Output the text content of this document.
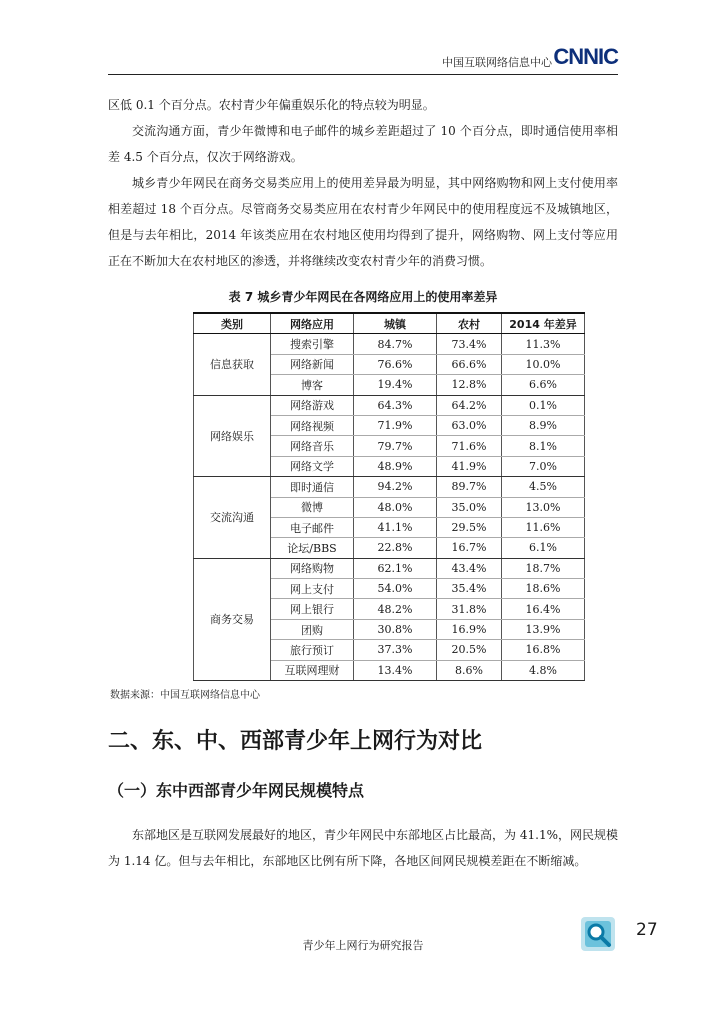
中国互联网络信息中心 CNNIC

区低 0.1 个百分点。农村青少年偏重娱乐化的特点较为明显。

交流沟通方面，青少年微博和电子邮件的城乡差距超过了 10 个百分点，即时通信使用率相差 4.5 个百分点，仅次于网络游戏。

城乡青少年网民在商务交易类应用上的使用差异最为明显，其中网络购物和网上支付使用率相差超过 18 个百分点。尽管商务交易类应用在农村青少年网民中的使用程度远不及城镇地区，但是与去年相比，2014 年该类应用在农村地区使用均得到了提升，网络购物、网上支付等应用正在不断加大在农村地区的渗透，并将继续改变农村青少年的消费习惯。

表 7 城乡青少年网民在各网络应用上的使用率差异
类别	网络应用	城镇	农村	2014 年差异
信息获取	搜索引擎	84.7%	73.4%	11.3%
	网络新闻	76.6%	66.6%	10.0%
	博客	19.4%	12.8%	6.6%
网络娱乐	网络游戏	64.3%	64.2%	0.1%
	网络视频	71.9%	63.0%	8.9%
	网络音乐	79.7%	71.6%	8.1%
	网络文学	48.9%	41.9%	7.0%
交流沟通	即时通信	94.2%	89.7%	4.5%
	微博	48.0%	35.0%	13.0%
	电子邮件	41.1%	29.5%	11.6%
	论坛/BBS	22.8%	16.7%	6.1%
商务交易	网络购物	62.1%	43.4%	18.7%
	网上支付	54.0%	35.4%	18.6%
	网上银行	48.2%	31.8%	16.4%
	团购	30.8%	16.9%	13.9%
	旅行预订	37.3%	20.5%	16.8%
	互联网理财	13.4%	8.6%	4.8%
数据来源：中国互联网络信息中心
二、东、中、西部青少年上网行为对比
（一）东中西部青少年网民规模特点
东部地区是互联网发展最好的地区，青少年网民中东部地区占比最高，为 41.1%，网民规模为 1.14 亿。但与去年相比，东部地区比例有所下降，各地区间网民规模差距在不断缩减。
27
青少年上网行为研究报告
